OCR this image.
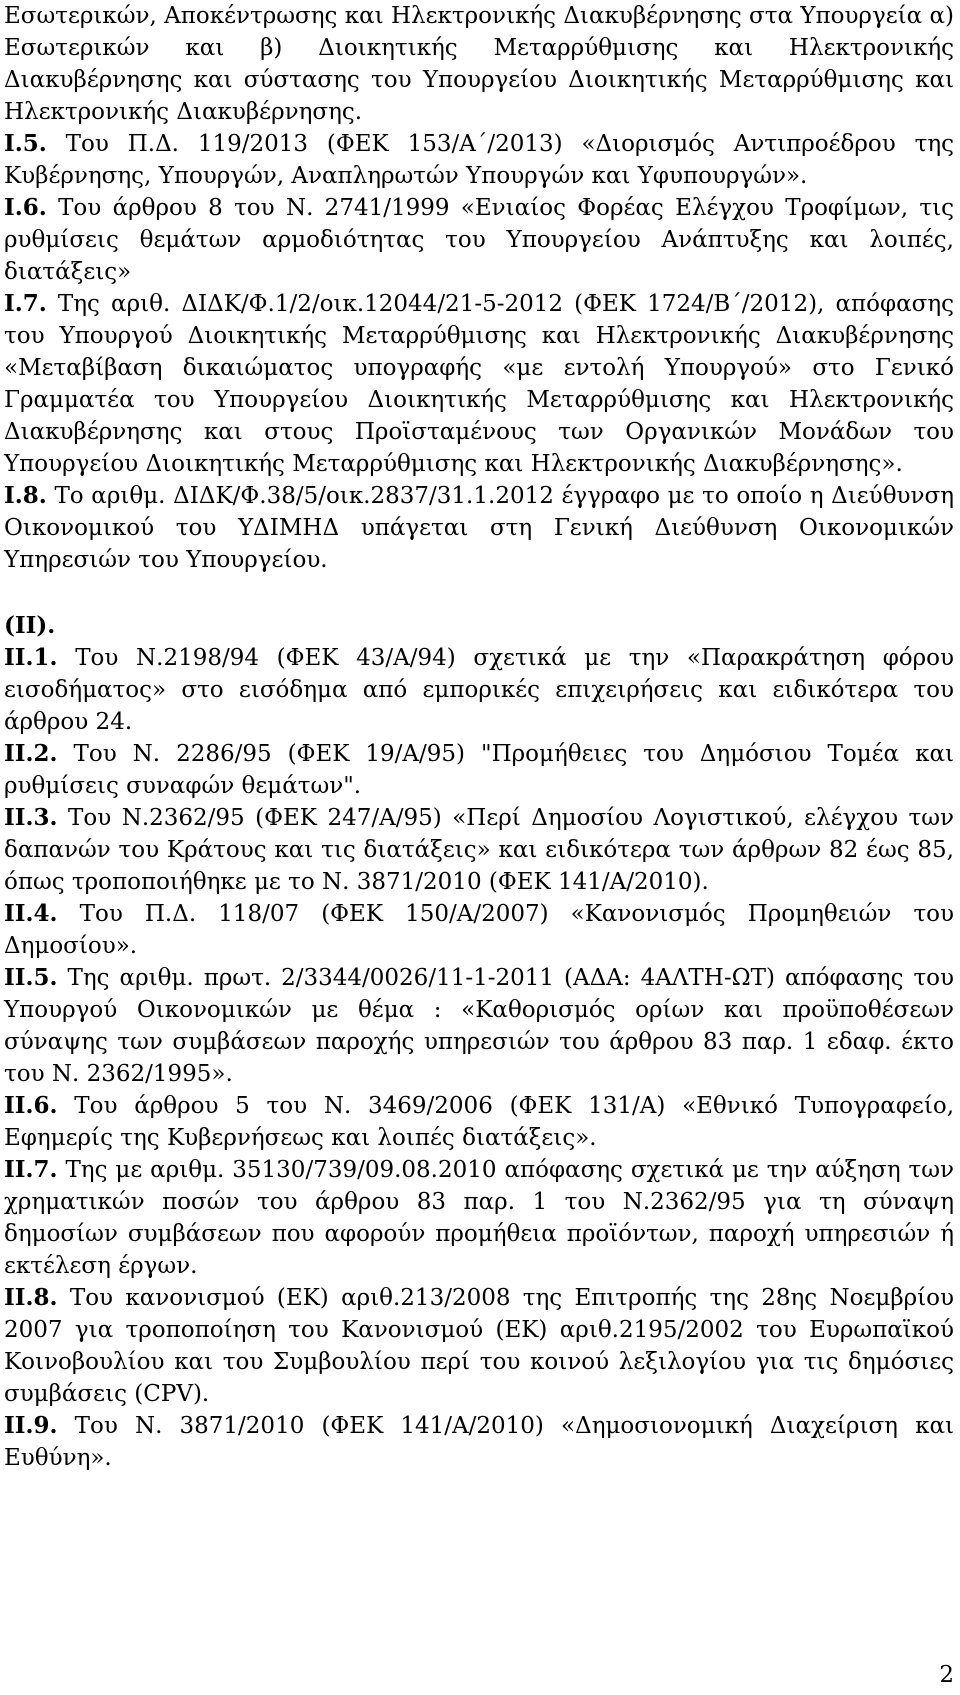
Εσωτερικών, Αποκέντρωσης και Ηλεκτρονικής Διακυβέρνησης στα Υπουργεία α) Εσωτερικών και β) Διοικητικής Μεταρρύθμισης και Ηλεκτρονικής Διακυβέρνησης και σύστασης του Υπουργείου Διοικητικής Μεταρρύθμισης και Ηλεκτρονικής Διακυβέρνησης.

Ι.5. Του Π.Δ. 119/2013 (ΦΕΚ 153/Α΄/2013) «Διορισμός Αντιπροέδρου της Κυβέρνησης, Υπουργών, Αναπληρωτών Υπουργών και Υφυπουργών».

Ι.6. Του άρθρου 8 του Ν. 2741/1999 «Ενιαίος Φορέας Ελέγχου Τροφίμων, τις ρυθμίσεις θεμάτων αρμοδιότητας του Υπουργείου Ανάπτυξης και λοιπές, διατάξεις»

Ι.7. Της αριθ. ΔΙΔΚ/Φ.1/2/οικ.12044/21-5-2012 (ΦΕΚ 1724/Β΄/2012), απόφασης του Υπουργού Διοικητικής Μεταρρύθμισης και Ηλεκτρονικής Διακυβέρνησης «Μεταβίβαση δικαιώματος υπογραφής «με εντολή Υπουργού» στο Γενικό Γραμματέα του Υπουργείου Διοικητικής Μεταρρύθμισης και Ηλεκτρονικής Διακυβέρνησης και στους Προϊσταμένους των Οργανικών Μονάδων του Υπουργείου Διοικητικής Μεταρρύθμισης και Ηλεκτρονικής Διακυβέρνησης».

Ι.8. Το αριθμ. ΔΙΔΚ/Φ.38/5/οικ.2837/31.1.2012 έγγραφο με το οποίο η Διεύθυνση Οικονομικού του ΥΔΙΜΗΔ υπάγεται στη Γενική Διεύθυνση Οικονομικών Υπηρεσιών του Υπουργείου.

(ΙΙ).

ΙΙ.1. Του Ν.2198/94 (ΦΕΚ 43/Α/94) σχετικά με την «Παρακράτηση φόρου εισοδήματος» στο εισόδημα από εμπορικές επιχειρήσεις και ειδικότερα του άρθρου 24.

ΙΙ.2. Του Ν. 2286/95 (ΦΕΚ 19/Α/95) "Προμήθειες του Δημόσιου Τομέα και ρυθμίσεις συναφών θεμάτων".

ΙΙ.3. Του Ν.2362/95 (ΦΕΚ 247/Α/95) «Περί Δημοσίου Λογιστικού, ελέγχου των δαπανών του Κράτους και τις διατάξεις» και ειδικότερα των άρθρων 82 έως 85, όπως τροποποιήθηκε με το Ν. 3871/2010 (ΦΕΚ 141/Α/2010).

ΙΙ.4. Του Π.Δ. 118/07 (ΦΕΚ 150/Α/2007) «Κανονισμός Προμηθειών του Δημοσίου».

ΙΙ.5. Της αριθμ. πρωτ. 2/3344/0026/11-1-2011 (ΑΔΑ: 4ΑΛΤΗ-ΩΤ) απόφασης του Υπουργού Οικονομικών με θέμα : «Καθορισμός ορίων και προϋποθέσεων σύναψης των συμβάσεων παροχής υπηρεσιών του άρθρου 83 παρ. 1 εδαφ. έκτο του Ν. 2362/1995».

ΙΙ.6. Του άρθρου 5 του Ν. 3469/2006 (ΦΕΚ 131/Α) «Εθνικό Τυπογραφείο, Εφημερίς της Κυβερνήσεως και λοιπές διατάξεις».

ΙΙ.7. Της με αριθμ. 35130/739/09.08.2010 απόφασης σχετικά με την αύξηση των χρηματικών ποσών του άρθρου 83 παρ. 1 του Ν.2362/95 για τη σύναψη δημοσίων συμβάσεων που αφορούν προμήθεια προϊόντων, παροχή υπηρεσιών ή εκτέλεση έργων.

ΙΙ.8. Του κανονισμού (ΕΚ) αριθ.213/2008 της Επιτροπής της 28ης Νοεμβρίου 2007 για τροποποίηση του Κανονισμού (ΕΚ) αριθ.2195/2002 του Ευρωπαϊκού Κοινοβουλίου και του Συμβουλίου περί του κοινού λεξιλογίου για τις δημόσιες συμβάσεις (CPV).

ΙΙ.9. Του Ν. 3871/2010 (ΦΕΚ 141/Α/2010) «Δημοσιονομική Διαχείριση και Ευθύνη».

2
